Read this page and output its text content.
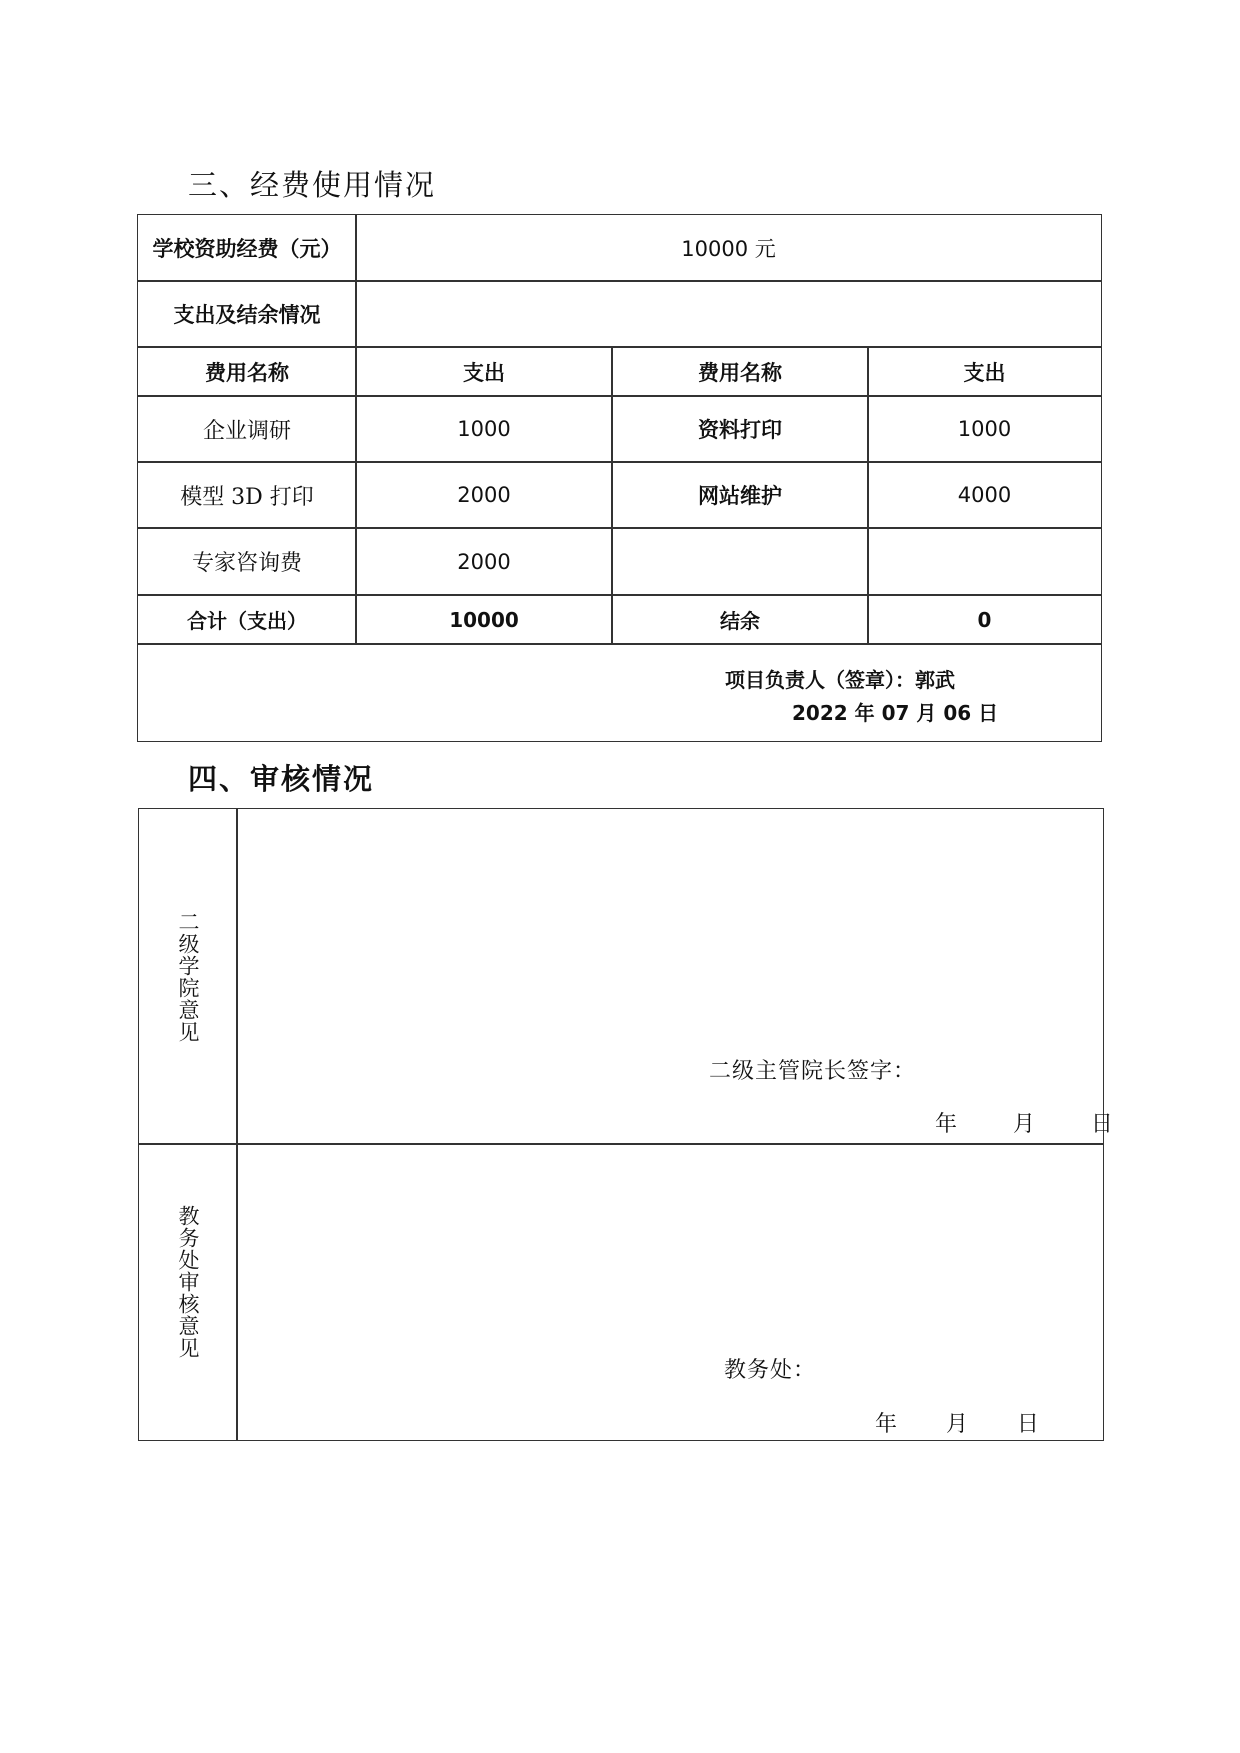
三、经费使用情况
学校资助经费（元）	10000 元
支出及结余情况
费用名称	支出	费用名称	支出
企业调研	1000	资料打印	1000
模型 3D 打印	2000	网站维护	4000
专家咨询费	2000
合计（支出）	10000	结余	0
项目负责人（签章）：郭武
2022 年 07 月 06 日
四、审核情况
二级学院意见
二级主管院长签字：
年        月        日
教务处审核意见
教务处：
年       月       日
